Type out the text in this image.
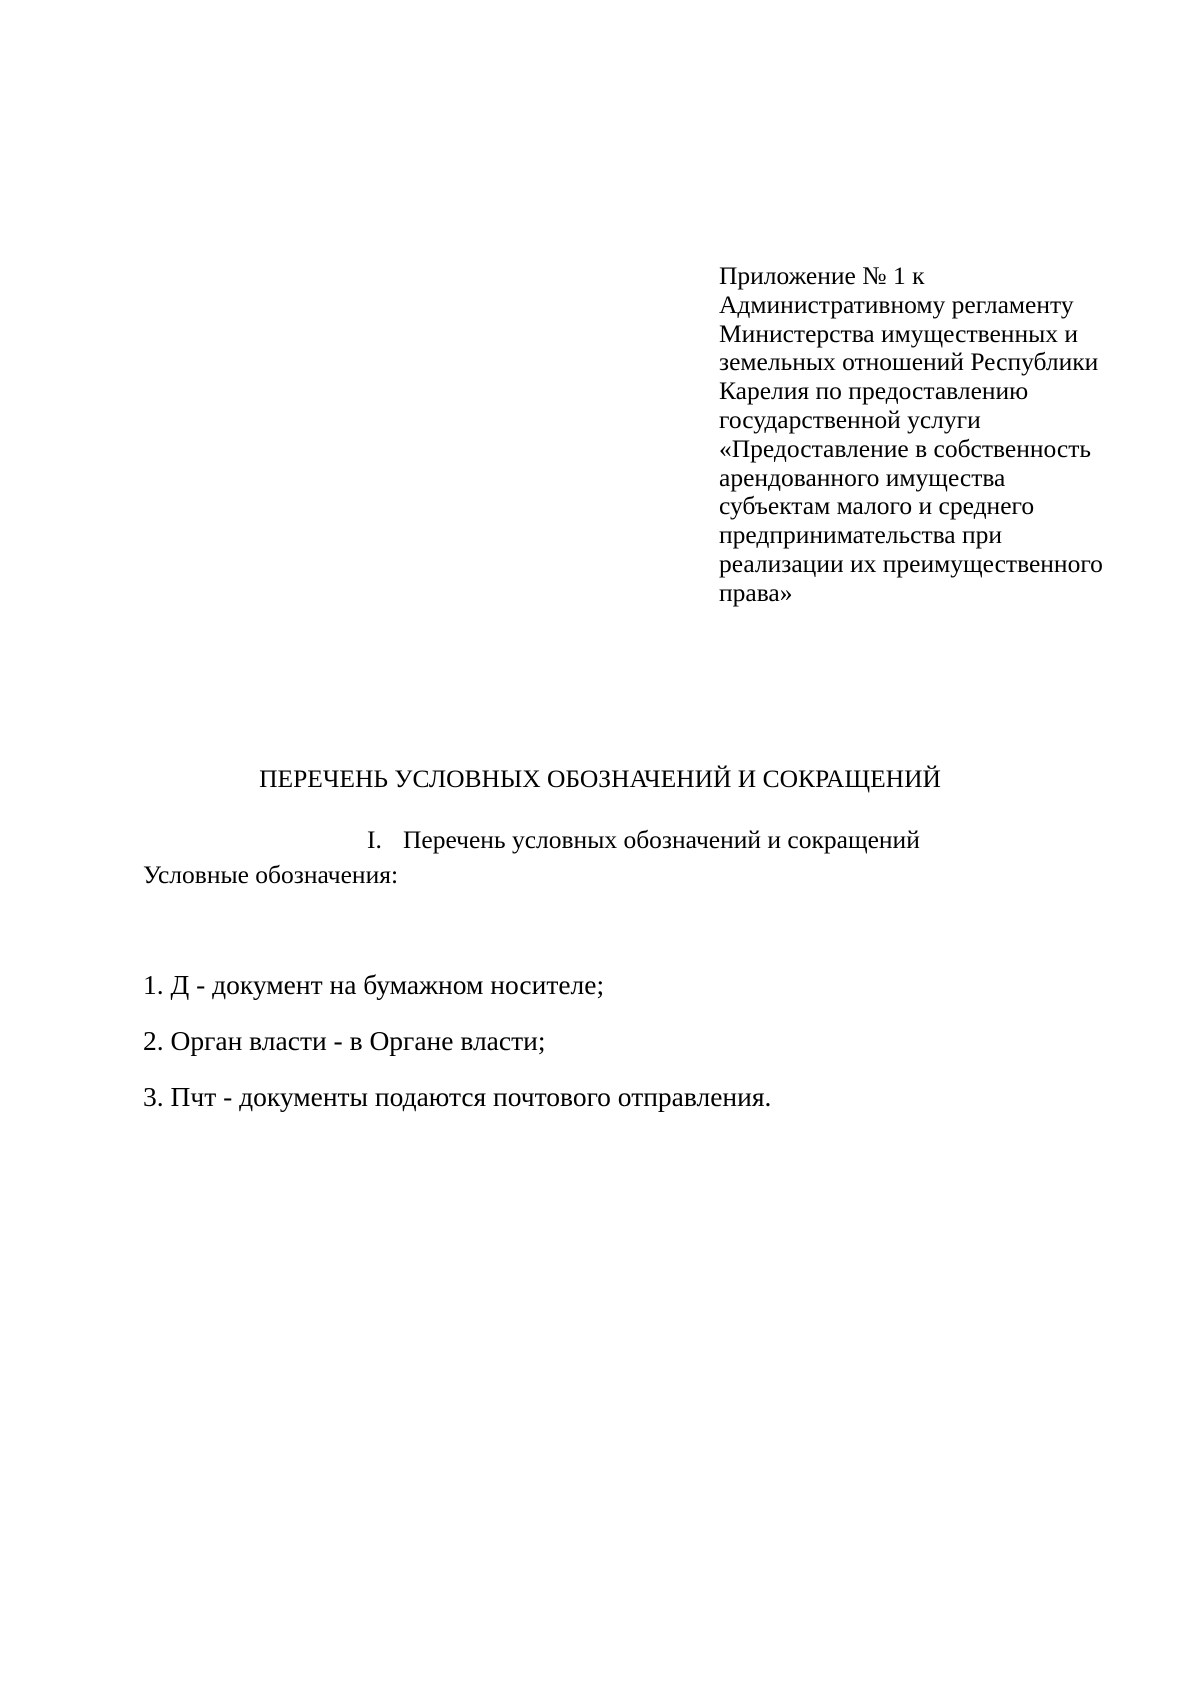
Приложение № 1 к
Административному регламенту
Министерства имущественных и
земельных отношений Республики
Карелия по предоставлению
государственной услуги
«Предоставление в собственность
арендованного имущества
субъектам малого и среднего
предпринимательства при
реализации их преимущественного
права»
ПЕРЕЧЕНЬ УСЛОВНЫХ ОБОЗНАЧЕНИЙ И СОКРАЩЕНИЙ
I. Перечень условных обозначений и сокращений
Условные обозначения:
1. Д - документ на бумажном носителе;
2. Орган власти - в Органе власти;
3. Пчт - документы подаются почтового отправления.
